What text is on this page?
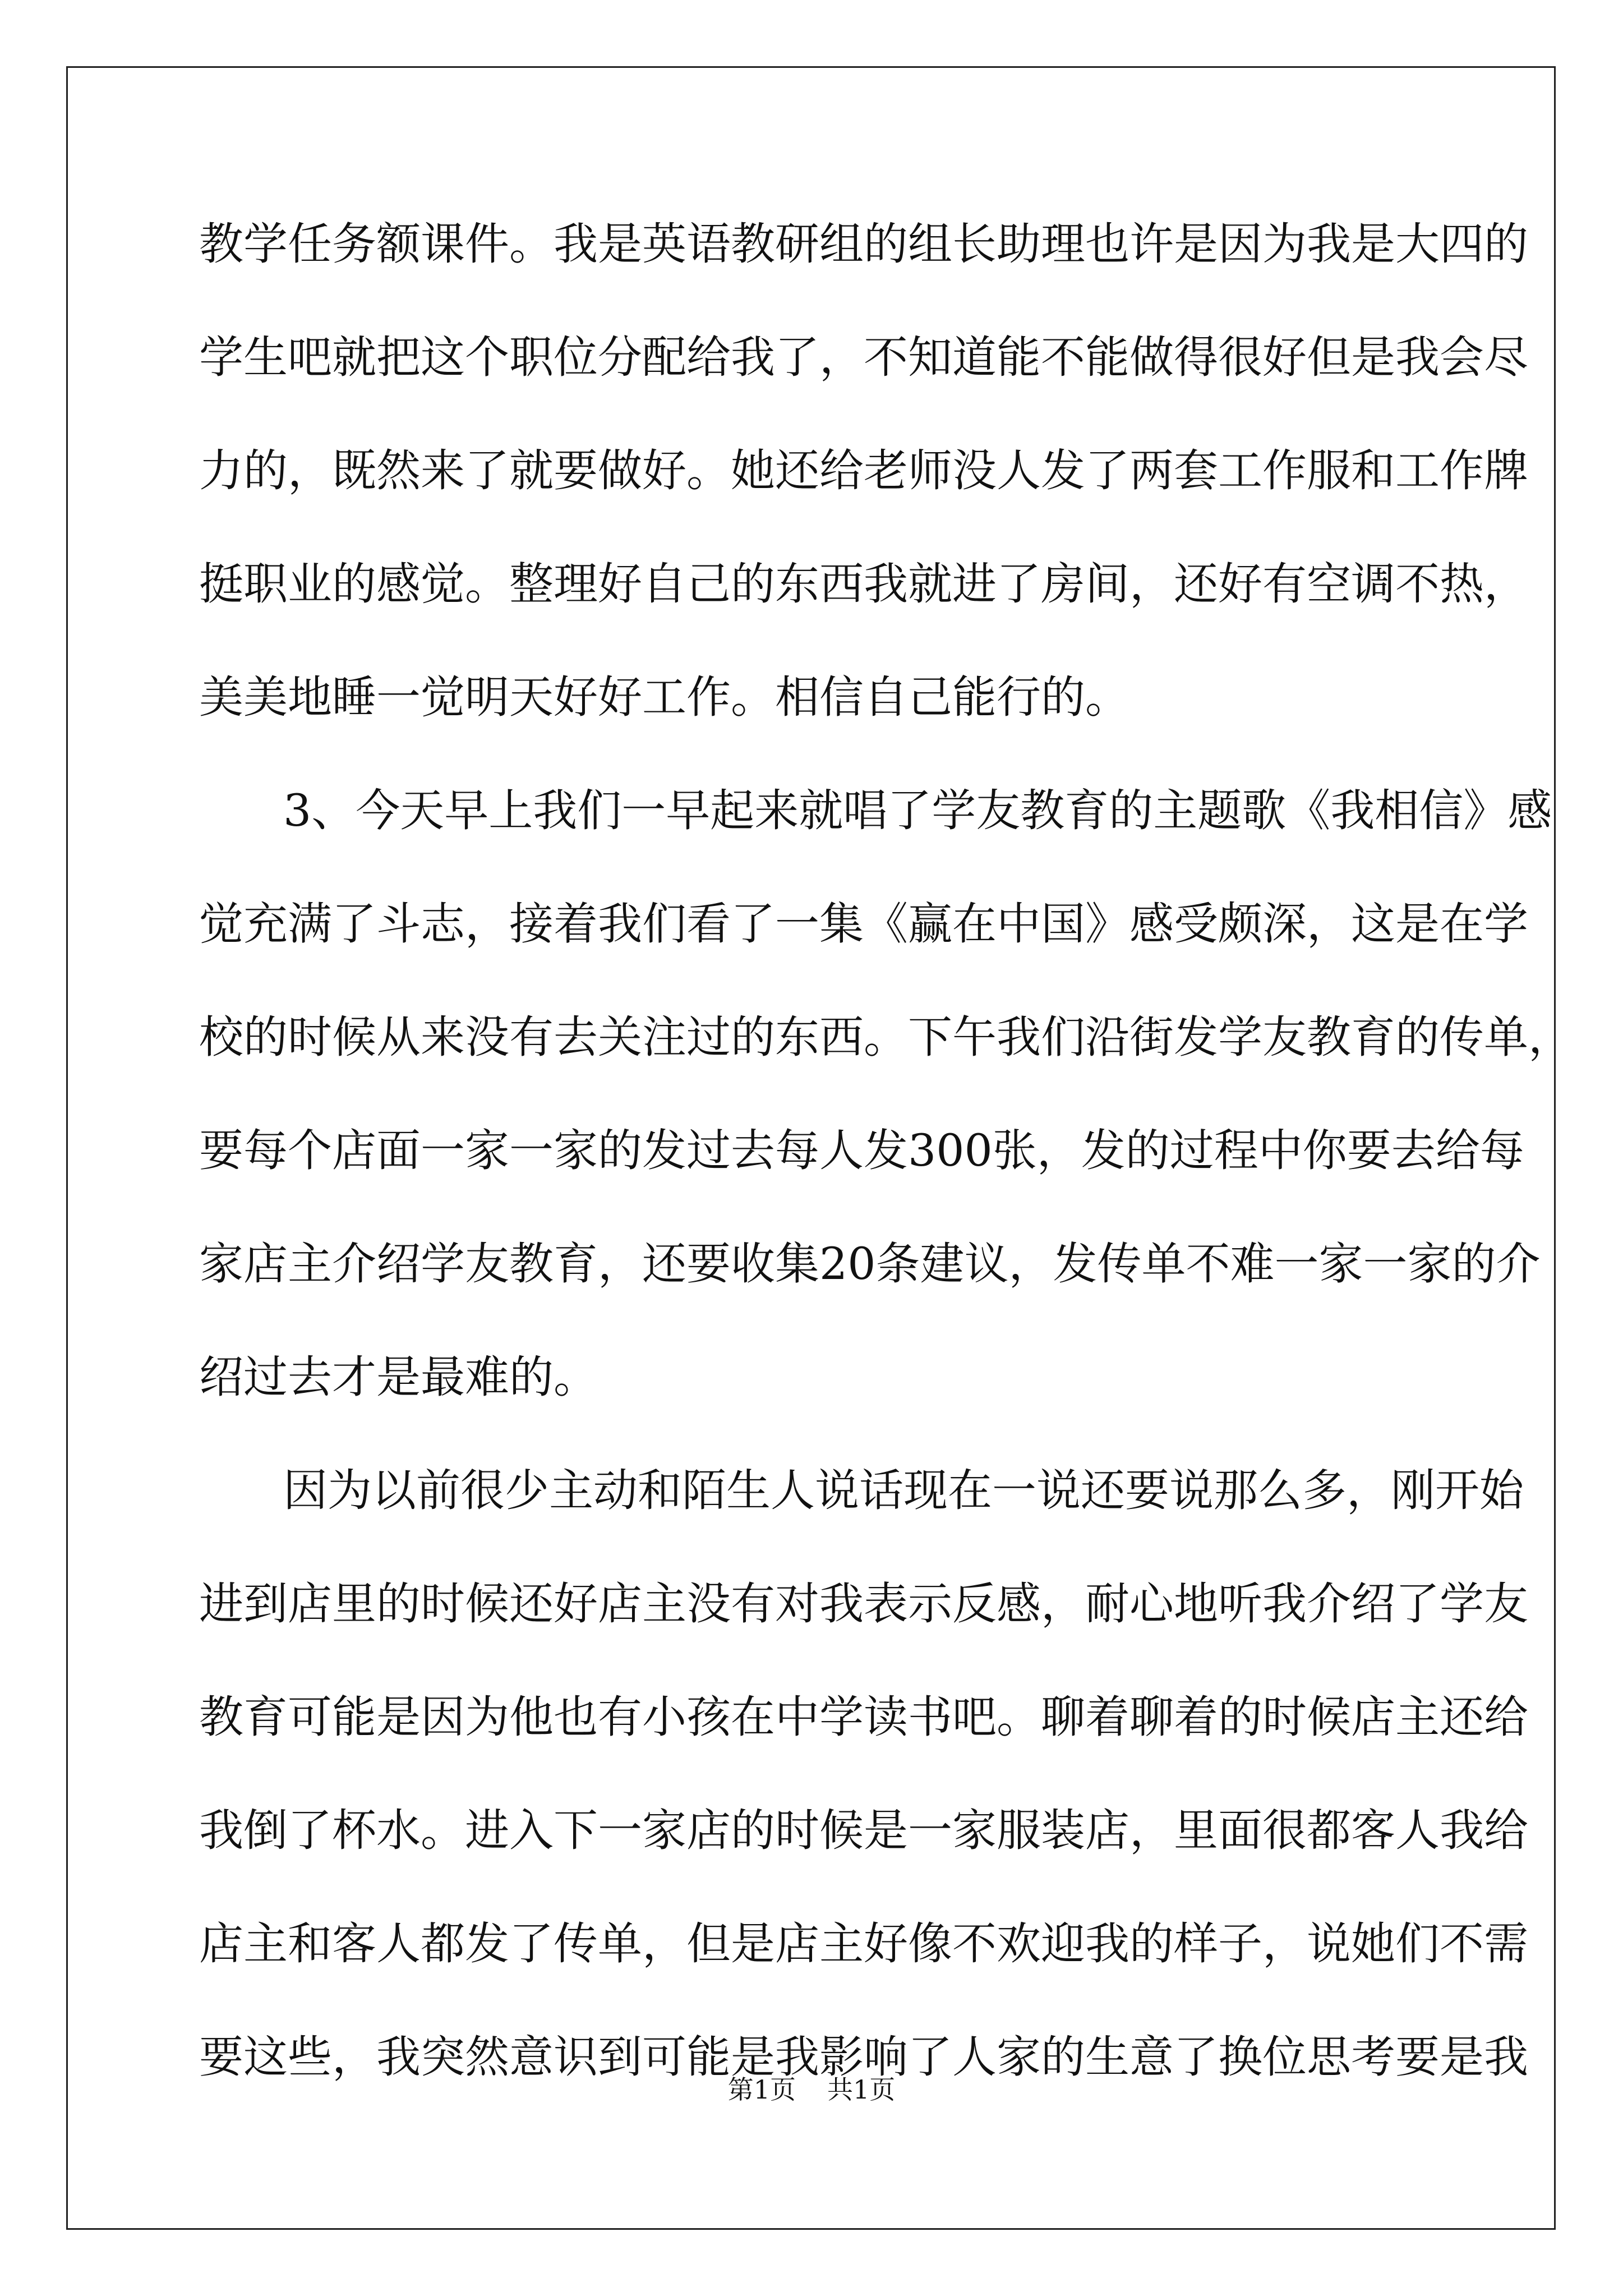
教学任务额课件。我是英语教研组的组长助理也许是因为我是大四的
学生吧就把这个职位分配给我了，不知道能不能做得很好但是我会尽
力的，既然来了就要做好。她还给老师没人发了两套工作服和工作牌
挺职业的感觉。整理好自己的东西我就进了房间，还好有空调不热，
美美地睡一觉明天好好工作。相信自己能行的。
3、今天早上我们一早起来就唱了学友教育的主题歌《我相信》感
觉充满了斗志，接着我们看了一集《赢在中国》感受颇深，这是在学
校的时候从来没有去关注过的东西。下午我们沿街发学友教育的传单，
要每个店面一家一家的发过去每人发300张，发的过程中你要去给每
家店主介绍学友教育，还要收集20条建议，发传单不难一家一家的介
绍过去才是最难的。
因为以前很少主动和陌生人说话现在一说还要说那么多，刚开始
进到店里的时候还好店主没有对我表示反感，耐心地听我介绍了学友
教育可能是因为他也有小孩在中学读书吧。聊着聊着的时候店主还给
我倒了杯水。进入下一家店的时候是一家服装店，里面很都客人我给
店主和客人都发了传单，但是店主好像不欢迎我的样子，说她们不需
要这些，我突然意识到可能是我影响了人家的生意了换位思考要是我
第1页 共1页
